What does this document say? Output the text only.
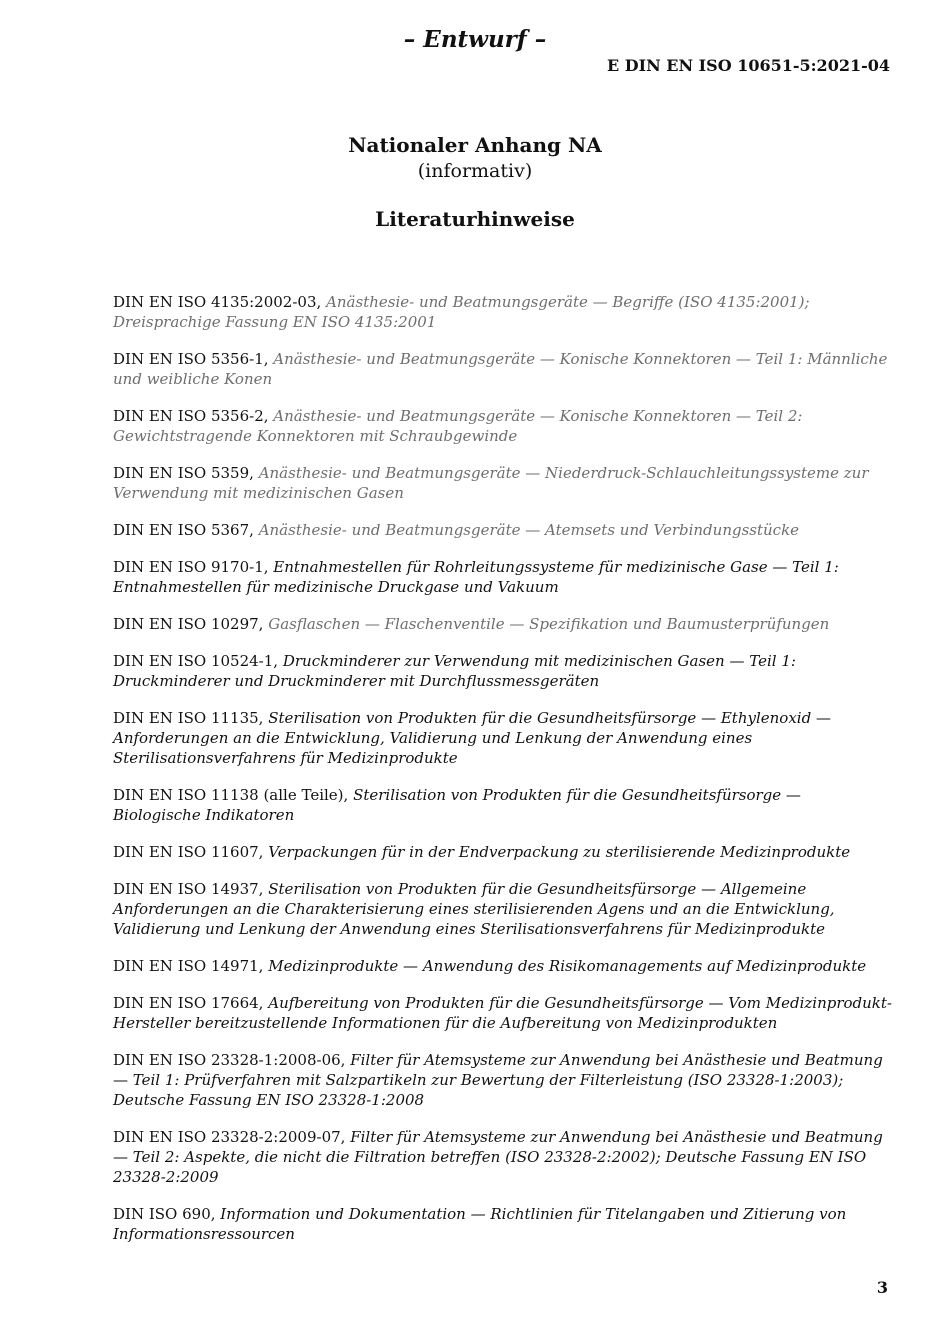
– Entwurf –
E DIN EN ISO 10651-5:2021-04
Nationaler Anhang NA
(informativ)
Literaturhinweise
DIN EN ISO 4135:2002-03, Anästhesie- und Beatmungsgeräte — Begriffe (ISO 4135:2001); Dreisprachige Fassung EN ISO 4135:2001
DIN EN ISO 5356-1, Anästhesie- und Beatmungsgeräte — Konische Konnektoren — Teil 1: Männliche und weibliche Konen
DIN EN ISO 5356-2, Anästhesie- und Beatmungsgeräte — Konische Konnektoren — Teil 2: Gewichtstragende Konnektoren mit Schraubgewinde
DIN EN ISO 5359, Anästhesie- und Beatmungsgeräte — Niederdruck-Schlauchleitungssysteme zur Verwendung mit medizinischen Gasen
DIN EN ISO 5367, Anästhesie- und Beatmungsgeräte — Atemsets und Verbindungsstücke
DIN EN ISO 9170-1, Entnahmestellen für Rohrleitungssysteme für medizinische Gase — Teil 1: Entnahmestellen für medizinische Druckgase und Vakuum
DIN EN ISO 10297, Gasflaschen — Flaschenventile — Spezifikation und Baumusterprüfungen
DIN EN ISO 10524-1, Druckminderer zur Verwendung mit medizinischen Gasen — Teil 1: Druckminderer und Druckminderer mit Durchflussmessgeräten
DIN EN ISO 11135, Sterilisation von Produkten für die Gesundheitsfürsorge — Ethylenoxid — Anforderungen an die Entwicklung, Validierung und Lenkung der Anwendung eines Sterilisationsverfahrens für Medizinprodukte
DIN EN ISO 11138 (alle Teile), Sterilisation von Produkten für die Gesundheitsfürsorge — Biologische Indikatoren
DIN EN ISO 11607, Verpackungen für in der Endverpackung zu sterilisierende Medizinprodukte
DIN EN ISO 14937, Sterilisation von Produkten für die Gesundheitsfürsorge — Allgemeine Anforderungen an die Charakterisierung eines sterilisierenden Agens und an die Entwicklung, Validierung und Lenkung der Anwendung eines Sterilisationsverfahrens für Medizinprodukte
DIN EN ISO 14971, Medizinprodukte — Anwendung des Risikomanagements auf Medizinprodukte
DIN EN ISO 17664, Aufbereitung von Produkten für die Gesundheitsfürsorge — Vom Medizinprodukt-Hersteller bereitzustellende Informationen für die Aufbereitung von Medizinprodukten
DIN EN ISO 23328-1:2008-06, Filter für Atemsysteme zur Anwendung bei Anästhesie und Beatmung — Teil 1: Prüfverfahren mit Salzpartikeln zur Bewertung der Filterleistung (ISO 23328-1:2003); Deutsche Fassung EN ISO 23328-1:2008
DIN EN ISO 23328-2:2009-07, Filter für Atemsysteme zur Anwendung bei Anästhesie und Beatmung — Teil 2: Aspekte, die nicht die Filtration betreffen (ISO 23328-2:2002); Deutsche Fassung EN ISO 23328-2:2009
DIN ISO 690, Information und Dokumentation — Richtlinien für Titelangaben und Zitierung von Informationsressourcen
3
